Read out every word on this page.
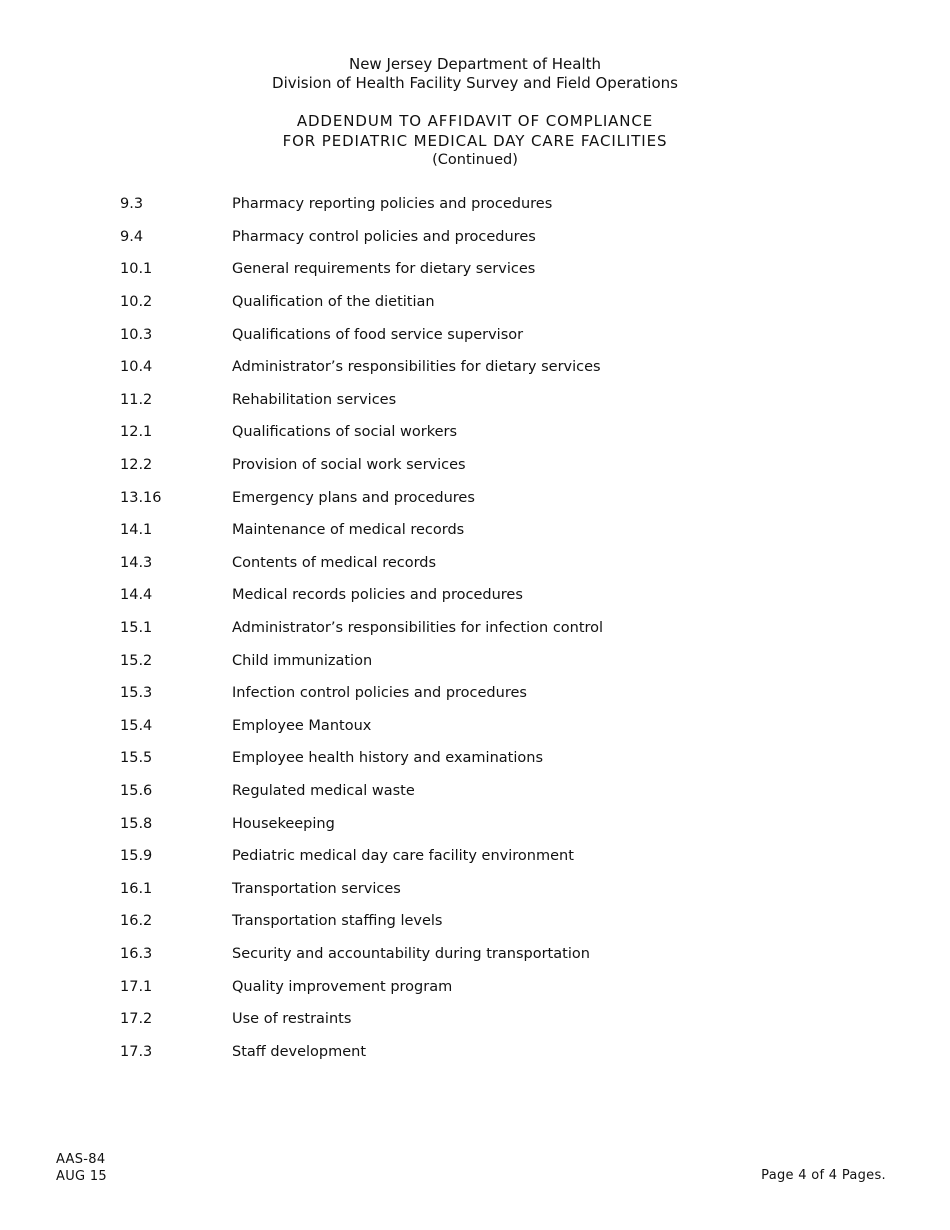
New Jersey Department of Health
Division of Health Facility Survey and Field Operations
ADDENDUM TO AFFIDAVIT OF COMPLIANCE
FOR PEDIATRIC MEDICAL DAY CARE FACILITIES
(Continued)
9.3	Pharmacy reporting policies and procedures
9.4	Pharmacy control policies and procedures
10.1	General requirements for dietary services
10.2	Qualification of the dietitian
10.3	Qualifications of food service supervisor
10.4	Administrator’s responsibilities for dietary services
11.2	Rehabilitation services
12.1	Qualifications of social workers
12.2	Provision of social work services
13.16	Emergency plans and procedures
14.1	Maintenance of medical records
14.3	Contents of medical records
14.4	Medical records policies and procedures
15.1	Administrator’s responsibilities for infection control
15.2	Child immunization
15.3	Infection control policies and procedures
15.4	Employee Mantoux
15.5	Employee health history and examinations
15.6	Regulated medical waste
15.8	Housekeeping
15.9	Pediatric medical day care facility environment
16.1	Transportation services
16.2	Transportation staffing levels
16.3	Security and accountability during transportation
17.1	Quality improvement program
17.2	Use of restraints
17.3	Staff development
AAS-84
AUG 15	Page 4 of 4 Pages.
